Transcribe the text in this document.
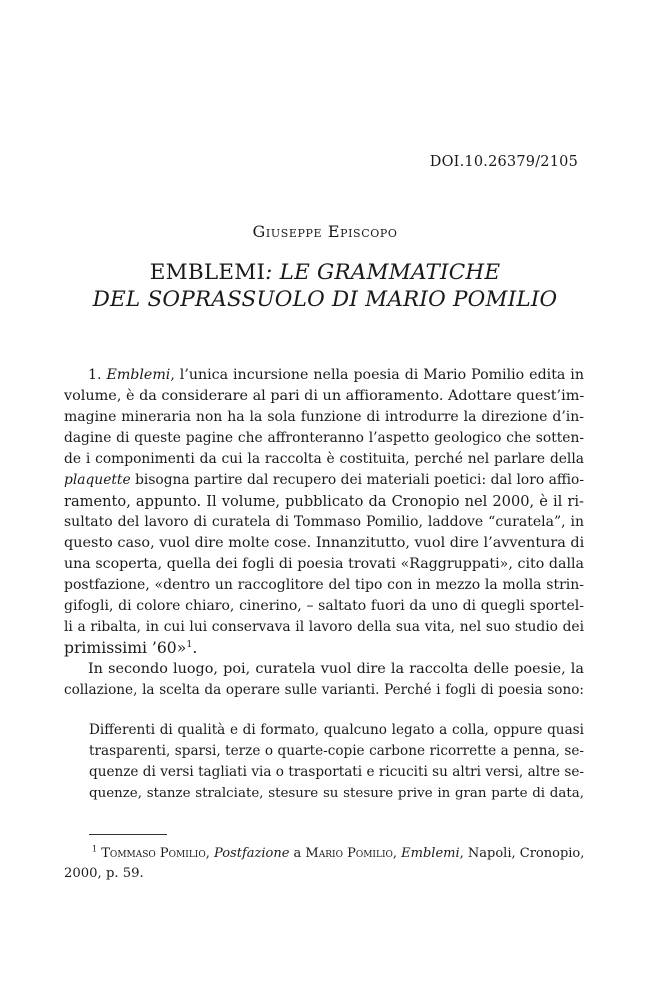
DOI.10.26379/2105
Giuseppe Episcopo
EMBLEMI: LE GRAMMATICHE
DEL SOPRASSUOLO DI MARIO POMILIO
1. Emblemi, l’unica incursione nella poesia di Mario Pomilio edita in
volume, è da considerare al pari di un affioramento. Adottare quest’im-
magine mineraria non ha la sola funzione di introdurre la direzione d’in-
dagine di queste pagine che affronteranno l’aspetto geologico che sotten-
de i componimenti da cui la raccolta è costituita, perché nel parlare della
plaquette bisogna partire dal recupero dei materiali poetici: dal loro affio-
ramento, appunto. Il volume, pubblicato da Cronopio nel 2000, è il ri-
sultato del lavoro di curatela di Tommaso Pomilio, laddove “curatela”, in
questo caso, vuol dire molte cose. Innanzitutto, vuol dire l’avventura di
una scoperta, quella dei fogli di poesia trovati «Raggruppati», cito dalla
postfazione, «dentro un raccoglitore del tipo con in mezzo la molla strin-
gifogli, di colore chiaro, cinerino, – saltato fuori da uno di quegli sportel-
li a ribalta, in cui lui conservava il lavoro della sua vita, nel suo studio dei
primissimi ’60»$^1$.
In secondo luogo, poi, curatela vuol dire la raccolta delle poesie, la
collazione, la scelta da operare sulle varianti. Perché i fogli di poesia sono:
Differenti di qualità e di formato, qualcuno legato a colla, oppure quasi
trasparenti, sparsi, terze o quarte-copie carbone ricorrette a penna, se-
quenze di versi tagliati via o trasportati e ricuciti su altri versi, altre se-
quenze, stanze stralciate, stesure su stesure prive in gran parte di data,
$^1$ Tommaso Pomilio, Postfazione a Mario Pomilio, Emblemi, Napoli, Cronopio,
2000, p. 59.
